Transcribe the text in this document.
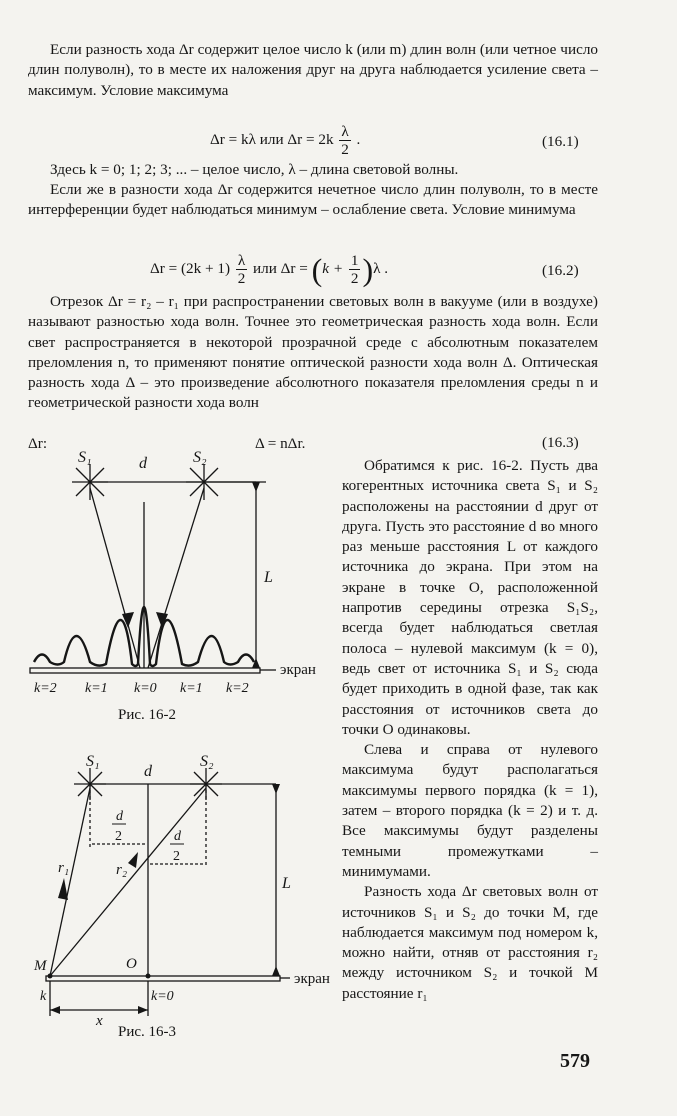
Если разность хода Δr содержит целое число k (или m) длин волн (или четное число длин полуволн), то в месте их наложения друг на друга наблюдается усиление света – максимум. Условие максимума
Δr = kλ или $\Delta r = 2k \frac{\lambda}{2}$ .	(16.1)
Здесь k = 0; 1; 2; 3; ... – целое число, λ – длина световой волны.
Если же в разности хода Δr содержится нечетное число длин полуволн, то в месте интерференции будет наблюдаться минимум – ослабление света. Условие минимума
$\Delta r = (2k + 1) \frac{\lambda}{2}$ или $\Delta r = (k + \frac{1}{2} )\lambda$ .	(16.2)
Отрезок Δr = r₂ – r₁ при распространении световых волн в вакууме (или в воздухе) называют разностью хода волн. Точнее это геометрическая разность хода волн. Если свет распространяется в некоторой прозрачной среде с абсолютным показателем преломления n, то применяют понятие оптической разности хода волн Δ. Оптическая разность хода Δ – это произведение абсолютного показателя преломления среды n и геометрической разности хода волн
Δr:	Δ = nΔr.	(16.3)
Обратимся к рис. 16-2. Пусть два когерентных источника света S₁ и S₂ расположены на расстоянии d друг от друга. Пусть это расстояние d во много раз меньше расстояния L от каждого источника до экрана. При этом на экране в точке O, расположенной напротив середины отрезка S₁S₂, всегда будет наблюдаться светлая полоса – нулевой максимум (k = 0), ведь свет от источника S₁ и S₂ сюда будет приходить в одной фазе, так как расстояния от источников света до точки O одинаковы.
Слева и справа от нулевого максимума будут располагаться максимумы первого порядка (k = 1), затем – второго порядка (k = 2) и т. д. Все максимумы будут разделены темными промежутками – минимумами.
Разность хода Δr световых волн от источников S₁ и S₂ до точки M, где наблюдается максимум под номером k, можно найти, отняв от расстояния r₂ между источником S₂ и точкой M расстояние r₁
S₁	S₂
d
L
экран
k=2 k=1 k=0 k=1 k=2
Рис. 16-2
S₁	S₂
d
d
2	d
2
r₁	r₂
L
M	O
экран
k	k=0
x
Рис. 16-3
579
